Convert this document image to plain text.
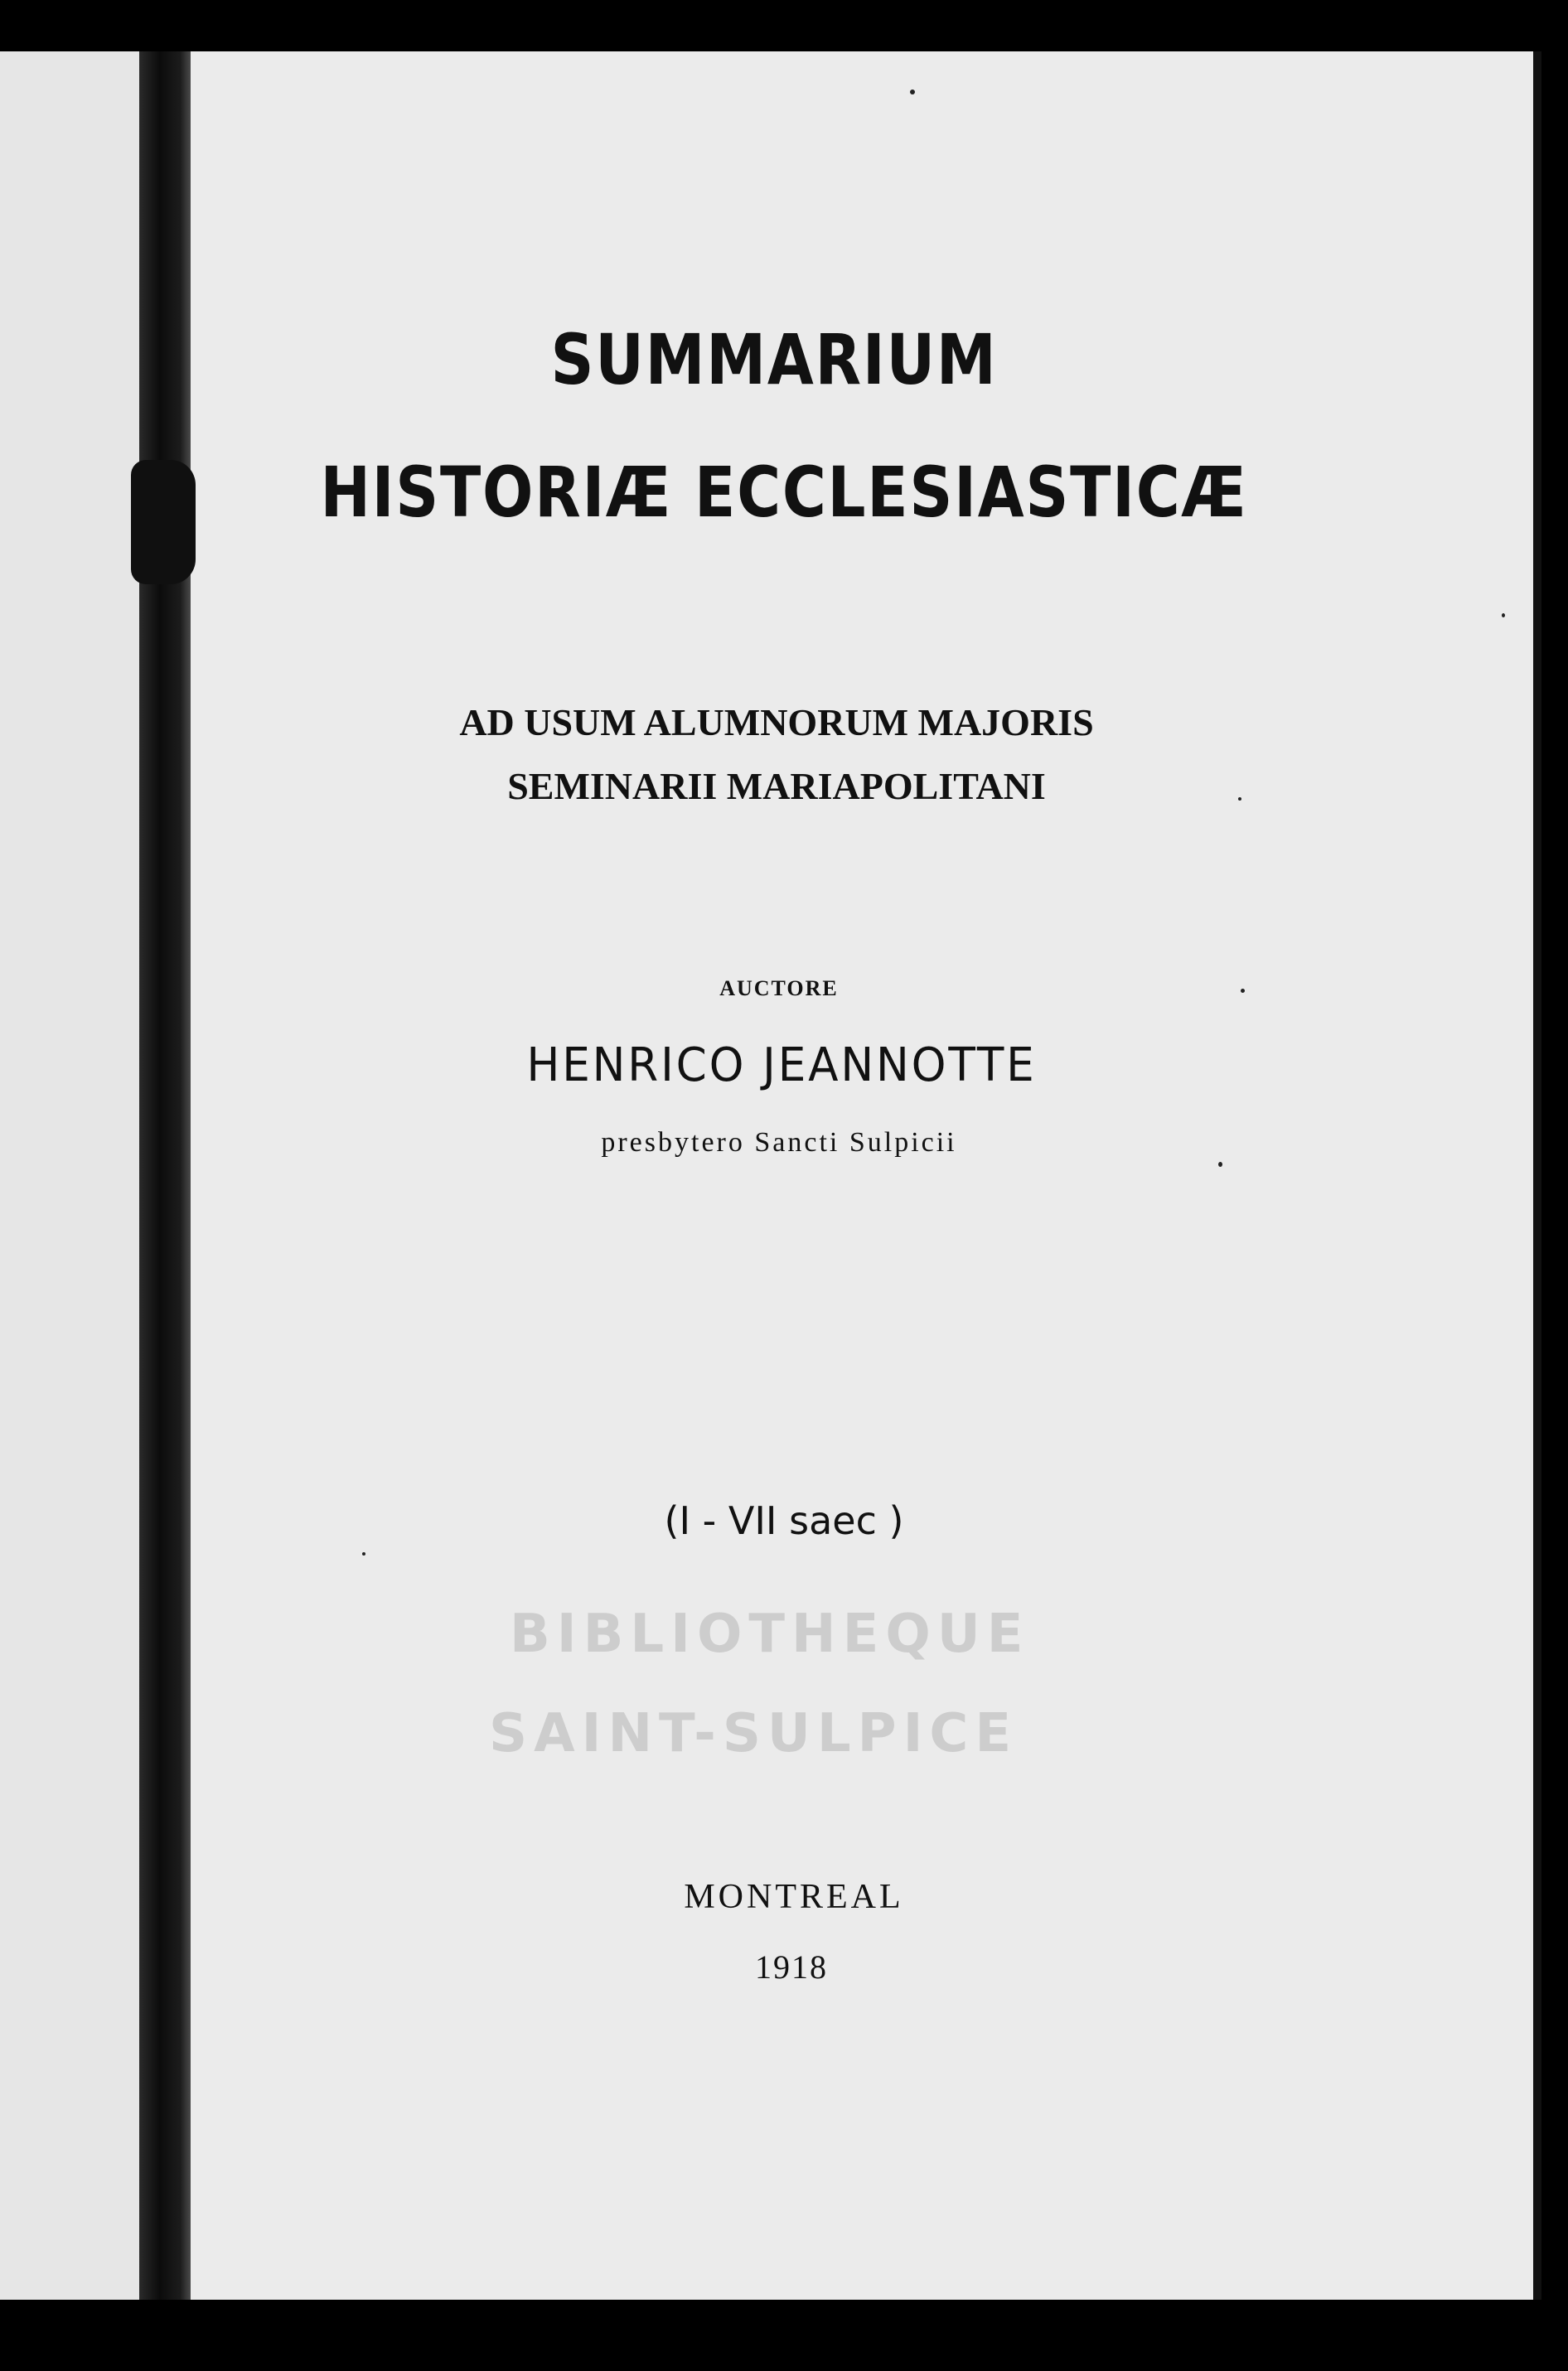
SUMMARIUM

HISTORIÆ ECCLESIASTICÆ

AD USUM ALUMNORUM MAJORIS

SEMINARII MARIAPOLITANI

AUCTORE

HENRICO JEANNOTTE

presbytero Sancti Sulpicii

(I - VII saec )

BIBLIOTHEQUE
SAINT-SULPICE

MONTREAL

1918
